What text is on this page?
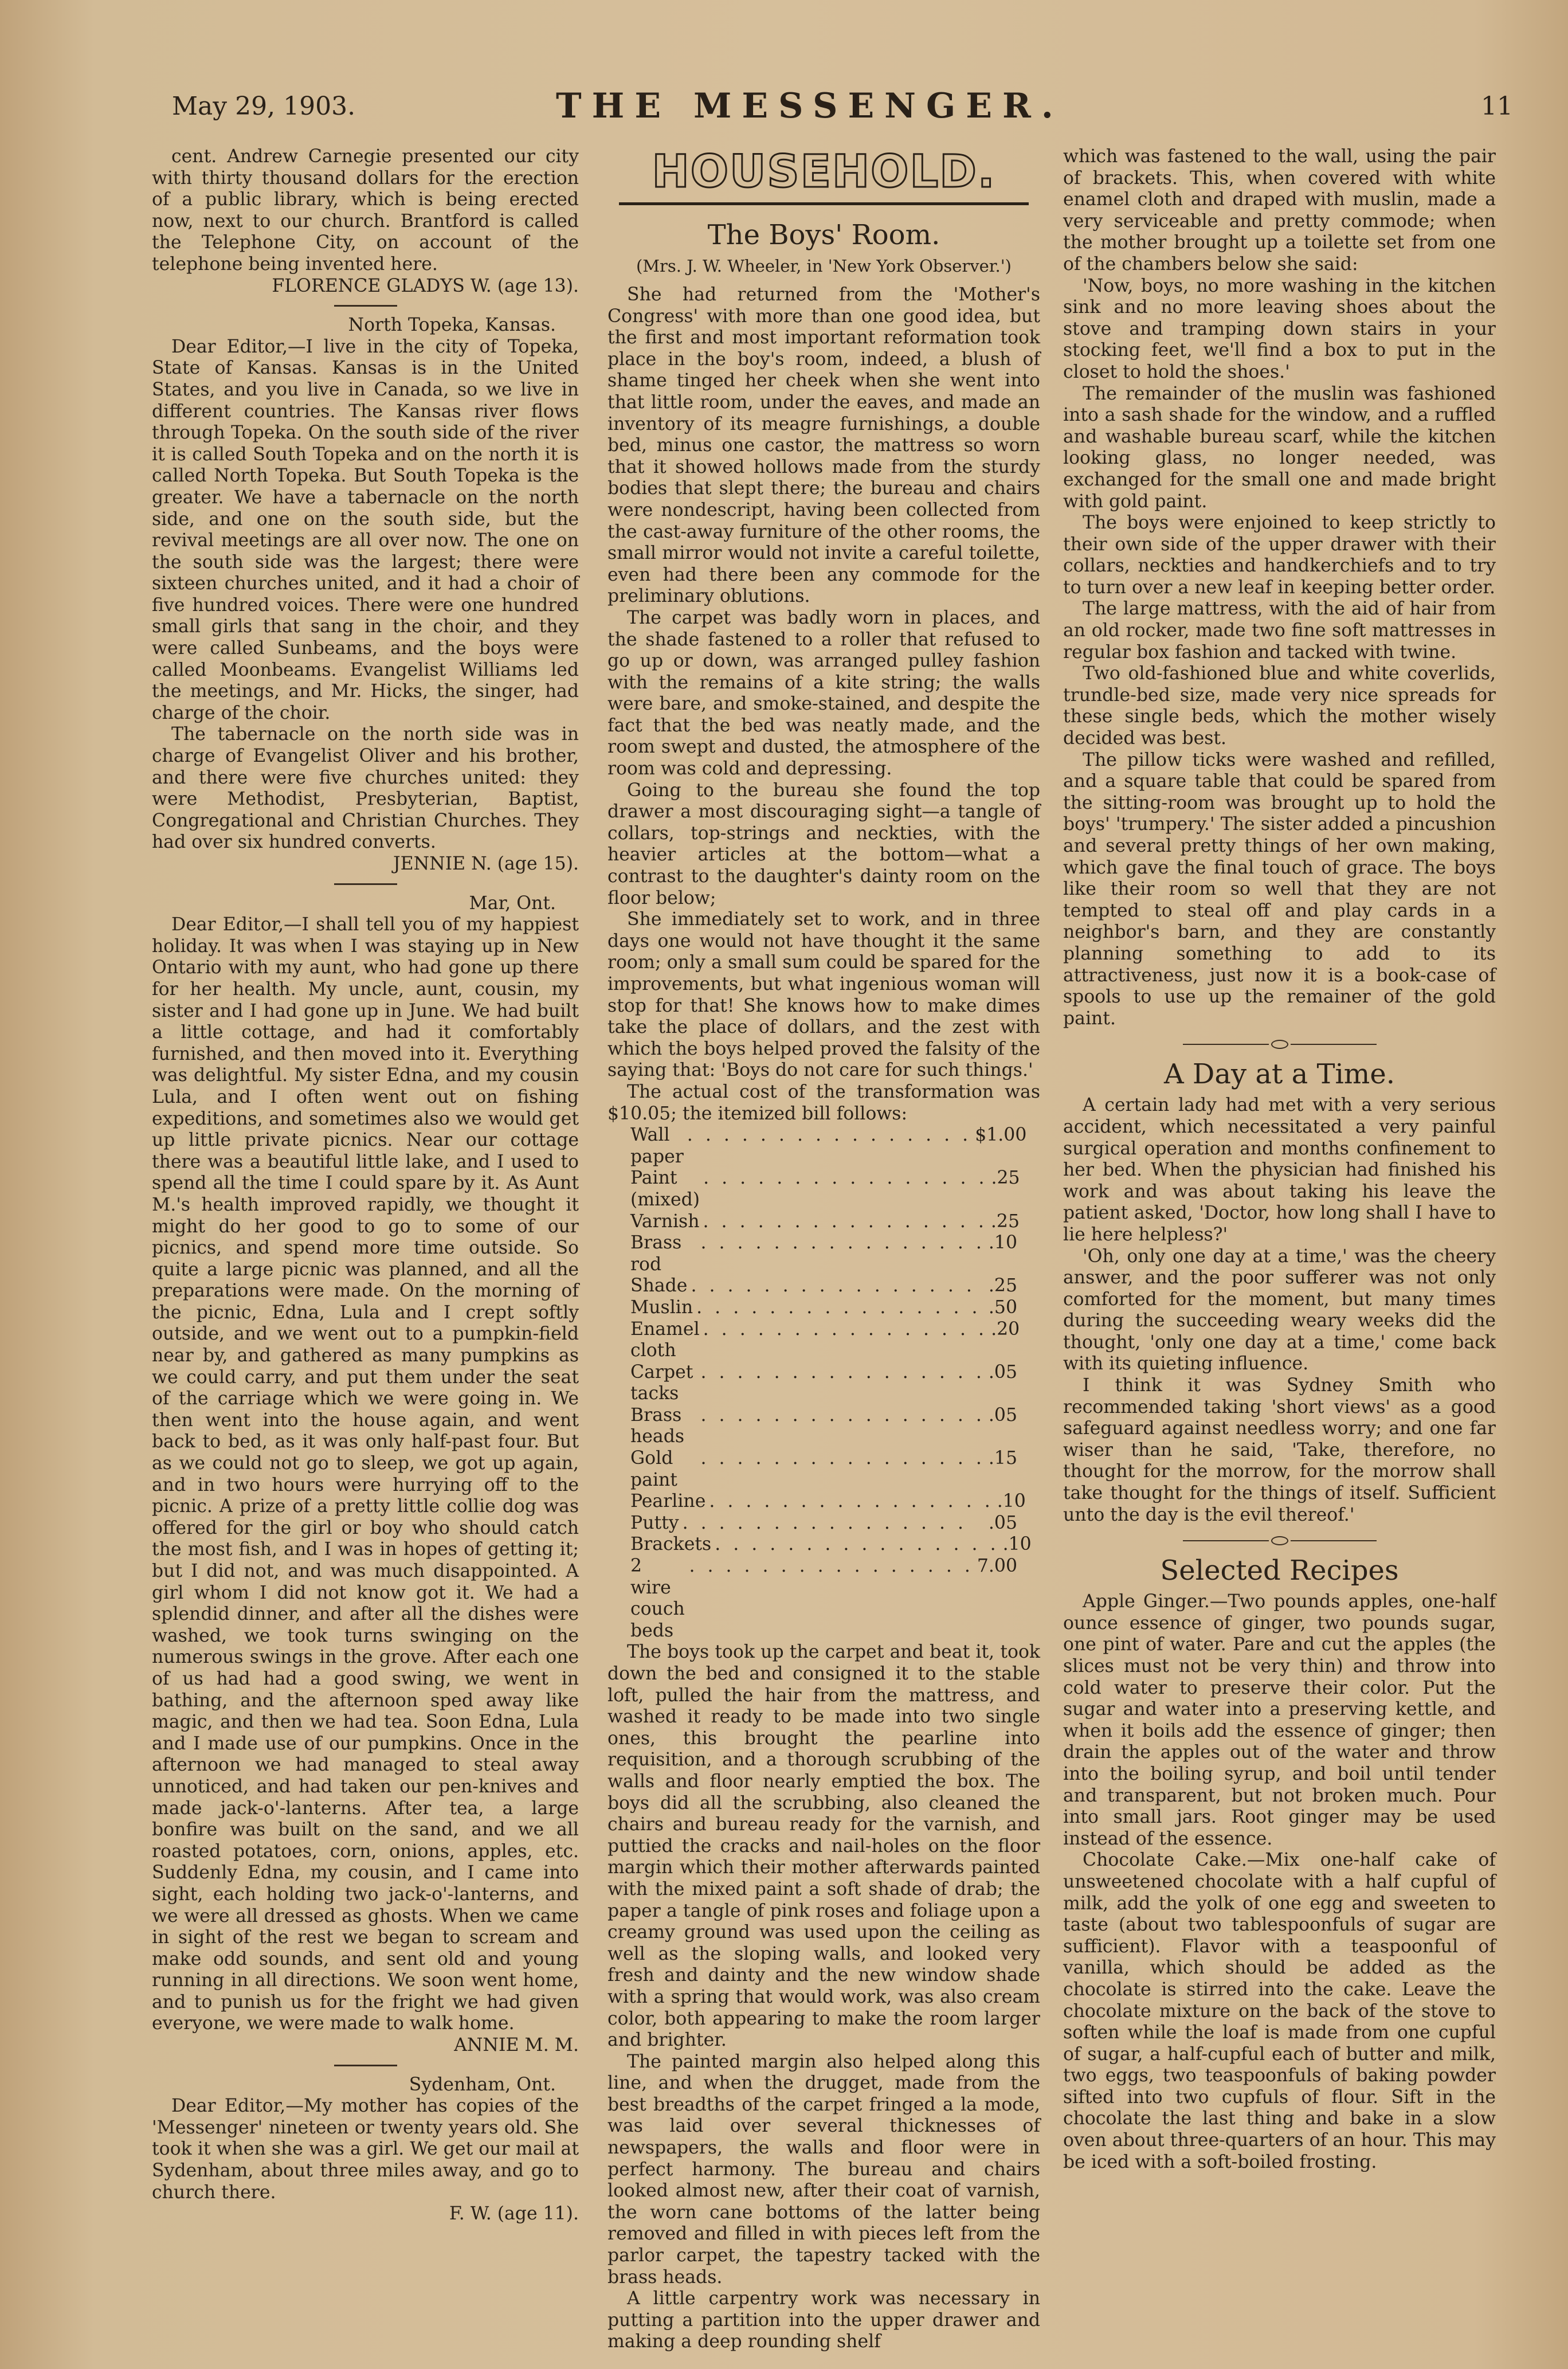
May 29, 1903.	THE MESSENGER.	11

cent. Andrew Carnegie presented our city with thirty thousand dollars for the erection of a public library, which is being erected now, next to our church. Brantford is called the Telephone City, on account of the telephone being invented here.

FLORENCE GLADYS W. (age 13).
North Topeka, Kansas.

Dear Editor,—I live in the city of Topeka, State of Kansas. Kansas is in the United States, and you live in Canada, so we live in different countries. The Kansas river flows through Topeka. On the south side of the river it is called South Topeka and on the north it is called North Topeka. But South Topeka is the greater. We have a tabernacle on the north side, and one on the south side, but the revival meetings are all over now. The one on the south side was the largest; there were sixteen churches united, and it had a choir of five hundred voices. There were one hundred small girls that sang in the choir, and they were called Sunbeams, and the boys were called Moonbeams. Evangelist Williams led the meetings, and Mr. Hicks, the singer, had charge of the choir.

The tabernacle on the north side was in charge of Evangelist Oliver and his brother, and there were five churches united: they were Methodist, Presbyterian, Baptist, Congregational and Christian Churches. They had over six hundred converts.

JENNIE N. (age 15).
Mar, Ont.

Dear Editor,—I shall tell you of my happiest holiday. It was when I was staying up in New Ontario with my aunt, who had gone up there for her health. My uncle, aunt, cousin, my sister and I had gone up in June. We had built a little cottage, and had it comfortably furnished, and then moved into it. Everything was delightful. My sister Edna, and my cousin Lula, and I often went out on fishing expeditions, and sometimes also we would get up little private picnics. Near our cottage there was a beautiful little lake, and I used to spend all the time I could spare by it. As Aunt M.'s health improved rapidly, we thought it might do her good to go to some of our picnics, and spend more time outside. So quite a large picnic was planned, and all the preparations were made. On the morning of the picnic, Edna, Lula and I crept softly outside, and we went out to a pumpkin-field near by, and gathered as many pumpkins as we could carry, and put them under the seat of the carriage which we were going in. We then went into the house again, and went back to bed, as it was only half-past four. But as we could not go to sleep, we got up again, and in two hours were hurrying off to the picnic. A prize of a pretty little collie dog was offered for the girl or boy who should catch the most fish, and I was in hopes of getting it; but I did not, and was much disappointed. A girl whom I did not know got it. We had a splendid dinner, and after all the dishes were washed, we took turns swinging on the numerous swings in the grove. After each one of us had had a good swing, we went in bathing, and the afternoon sped away like magic, and then we had tea. Soon Edna, Lula and I made use of our pumpkins. Once in the afternoon we had managed to steal away unnoticed, and had taken our pen-knives and made jack-o'-lanterns. After tea, a large bonfire was built on the sand, and we all roasted potatoes, corn, onions, apples, etc. Suddenly Edna, my cousin, and I came into sight, each holding two jack-o'-lanterns, and we were all dressed as ghosts. When we came in sight of the rest we began to scream and make odd sounds, and sent old and young running in all directions. We soon went home, and to punish us for the fright we had given everyone, we were made to walk home.

ANNIE M. M.
Sydenham, Ont.

Dear Editor,—My mother has copies of the 'Messenger' nineteen or twenty years old. She took it when she was a girl. We get our mail at Sydenham, about three miles away, and go to church there.

F. W. (age 11).
HOUSEHOLD.
The Boys' Room.
(Mrs. J. W. Wheeler, in 'New York Observer.')

She had returned from the 'Mother's Congress' with more than one good idea, but the first and most important reformation took place in the boy's room, indeed, a blush of shame tinged her cheek when she went into that little room, under the eaves, and made an inventory of its meagre furnishings, a double bed, minus one castor, the mattress so worn that it showed hollows made from the sturdy bodies that slept there; the bureau and chairs were nondescript, having been collected from the cast-away furniture of the other rooms, the small mirror would not invite a careful toilette, even had there been any commode for the preliminary oblutions.

The carpet was badly worn in places, and the shade fastened to a roller that refused to go up or down, was arranged pulley fashion with the remains of a kite string; the walls were bare, and smoke-stained, and despite the fact that the bed was neatly made, and the room swept and dusted, the atmosphere of the room was cold and depressing.

Going to the bureau she found the top drawer a most discouraging sight—a tangle of collars, top-strings and neckties, with the heavier articles at the bottom—what a contrast to the daughter's dainty room on the floor below;

She immediately set to work, and in three days one would not have thought it the same room; only a small sum could be spared for the improvements, but what ingenious woman will stop for that! She knows how to make dimes take the place of dollars, and the zest with which the boys helped proved the falsity of the saying that: 'Boys do not care for such things.'

The actual cost of the transformation was $10.05; the itemized bill follows:

Wall paper
. . . . . . . . . . . . . . . . $1.00
Paint (mixed)
. . . . . . . . . . . . . . . . .25
Varnish . . . . . . . . . . . . . . . . .25
Brass rod
. . . . . . . . . . . . . . . . .10
Shade . . . . . . . . . . . . . . . . .25
Muslin . . . . . . . . . . . . . . . . .50
Enamel cloth
. . . . . . . . . . . . . . . . .20
Carpet tacks
. . . . . . . . . . . . . . . . .05
Brass heads
. . . . . . . . . . . . . . . . .05
Gold paint
. . . . . . . . . . . . . . . . .15
Pearline . . . . . . . . . . . . . . . . .10
Putty . . . . . . . . . . . . . . . .	.05
Brackets . . . . . . . . . . . . . . . . .10
2 wire couch beds
. . . . . . . . . . . . . . . . 7.00

The boys took up the carpet and beat it, took down the bed and consigned it to the stable loft, pulled the hair from the mattress, and washed it ready to be made into two single ones, this brought the pearline into requisition, and a thorough scrubbing of the walls and floor nearly emptied the box. The boys did all the scrubbing, also cleaned the chairs and bureau ready for the varnish, and puttied the cracks and nail-holes on the floor margin which their mother afterwards painted with the mixed paint a soft shade of drab; the paper a tangle of pink roses and foliage upon a creamy ground was used upon the ceiling as well as the sloping walls, and looked very fresh and dainty and the new window shade with a spring that would work, was also cream color, both appearing to make the room larger and brighter.

The painted margin also helped along this line, and when the drugget, made from the best breadths of the carpet fringed a la mode, was laid over several thicknesses of newspapers, the walls and floor were in perfect harmony. The bureau and chairs looked almost new, after their coat of varnish, the worn cane bottoms of the latter being removed and filled in with pieces left from the parlor carpet, the tapestry tacked with the brass heads.

A little carpentry work was necessary in putting a partition into the upper drawer and making a deep rounding shelf

which was fastened to the wall, using the pair of brackets. This, when covered with white enamel cloth and draped with muslin, made a very serviceable and pretty commode; when the mother brought up a toilette set from one of the chambers below she said:

'Now, boys, no more washing in the kitchen sink and no more leaving shoes about the stove and tramping down stairs in your stocking feet, we'll find a box to put in the closet to hold the shoes.'

The remainder of the muslin was fashioned into a sash shade for the window, and a ruffled and washable bureau scarf, while the kitchen looking glass, no longer needed, was exchanged for the small one and made bright with gold paint.

The boys were enjoined to keep strictly to their own side of the upper drawer with their collars, neckties and handkerchiefs and to try to turn over a new leaf in keeping better order.

The large mattress, with the aid of hair from an old rocker, made two fine soft mattresses in regular box fashion and tacked with twine.

Two old-fashioned blue and white coverlids, trundle-bed size, made very nice spreads for these single beds, which the mother wisely decided was best.

The pillow ticks were washed and refilled, and a square table that could be spared from the sitting-room was brought up to hold the boys' 'trumpery.' The sister added a pincushion and several pretty things of her own making, which gave the final touch of grace. The boys like their room so well that they are not tempted to steal off and play cards in a neighbor's barn, and they are constantly planning something to add to its attractiveness, just now it is a book-case of spools to use up the remainer of the gold paint.

A Day at a Time.

A certain lady had met with a very serious accident, which necessitated a very painful surgical operation and months confinement to her bed. When the physician had finished his work and was about taking his leave the patient asked, 'Doctor, how long shall I have to lie here helpless?'

'Oh, only one day at a time,' was the cheery answer, and the poor sufferer was not only comforted for the moment, but many times during the succeeding weary weeks did the thought, 'only one day at a time,' come back with its quieting influence.

I think it was Sydney Smith who recommended taking 'short views' as a good safeguard against needless worry; and one far wiser than he said, 'Take, therefore, no thought for the morrow, for the morrow shall take thought for the things of itself. Sufficient unto the day is the evil thereof.'

Selected Recipes

Apple Ginger.—Two pounds apples, one-half ounce essence of ginger, two pounds sugar, one pint of water. Pare and cut the apples (the slices must not be very thin) and throw into cold water to preserve their color. Put the sugar and water into a preserving kettle, and when it boils add the essence of ginger; then drain the apples out of the water and throw into the boiling syrup, and boil until tender and transparent, but not broken much. Pour into small jars. Root ginger may be used instead of the essence.

Chocolate Cake.—Mix one-half cake of unsweetened chocolate with a half cupful of milk, add the yolk of one egg and sweeten to taste (about two tablespoonfuls of sugar are sufficient). Flavor with a teaspoonful of vanilla, which should be added as the chocolate is stirred into the cake. Leave the chocolate mixture on the back of the stove to soften while the loaf is made from one cupful of sugar, a half-cupful each of butter and milk, two eggs, two teaspoonfuls of baking powder sifted into two cupfuls of flour. Sift in the chocolate the last thing and bake in a slow oven about three-quarters of an hour. This may be iced with a soft-boiled frosting.
